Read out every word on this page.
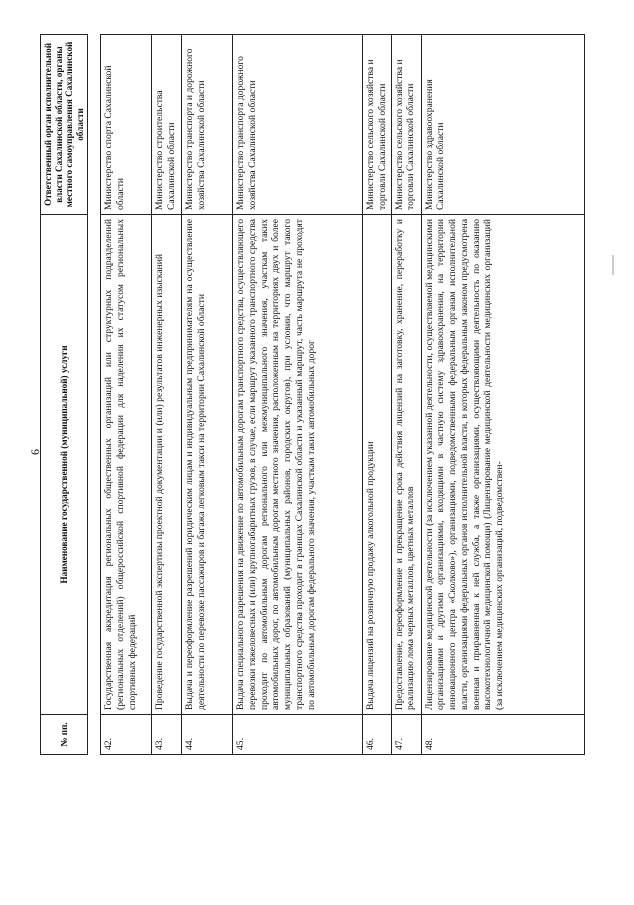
6
№ пп.	Наименование государственной (муниципальной) услуги	Ответственный орган исполнительной власти Сахалинской области, органы местного самоуправления Сахалинской области

42.	Государственная аккредитация региональных общественных организаций или структурных подразделений (региональных отделений) общероссийской спортивной федерации для наделения их статусом региональных спортивных федераций	Министерство спорта Сахалинской области
43.	Проведение государственной экспертизы проектной документации и (или) результатов инженерных изысканий	Министерство строительства Сахалинской области
44.	Выдача и переоформление разрешений юридическим лицам и индивидуальным предпринимателям на осуществление деятельности по перевозке пассажиров и багажа легковым такси на территории Сахалинской области	Министерство транспорта и дорожного хозяйства Сахалинской области
45.	Выдача специального разрешения на движение по автомобильным дорогам транспортного средства, осуществляющего перевозки тяжеловесных и (или) крупногабаритных грузов, в случае, если маршрут указанного транспортного средства проходит по автомобильным дорогам регионального или межмуниципального значения, участкам таких автомобильных дорог, по автомобильным дорогам местного значения, расположенным на территориях двух и более муниципальных образований (муниципальных районов, городских округов), при условии, что маршрут такого транспортного средства проходит в границах Сахалинской области и указанный маршрут, часть маршрута не проходят по автомобильным дорогам федерального значения, участкам таких автомобильных дорог	Министерство транспорта дорожного хозяйства Сахалинской области
46.	Выдача лицензий на розничную продажу алкогольной продукции	Министерство сельского хозяйства и торговли Сахалинской области
47.	Предоставление, переоформление и прекращение срока действия лицензий на заготовку, хранение, переработку и реализацию лома черных металлов, цветных металлов	Министерство сельского хозяйства и торговли Сахалинской области
48.	Лицензирование медицинской деятельности (за исключением указанной деятельности, осуществляемой медицинскими организациями и другими организациями, входящими в частную систему здравоохранения, на территории инновационного центра «Сколково»), организациями, подведомственными федеральным органам исполнительной власти, организациями федеральных органов исполнительной власти, в которых федеральным законом предусмотрена военная и приравненная к ней служба, а также организациями, осуществляющими деятельность по оказанию высокотехнологичной медицинской помощи) (Лицензирование медицинской деятельности медицинских организаций (за исключением медицинских организаций, подведомствен-	Министерство здравоохранения Сахалинской области
